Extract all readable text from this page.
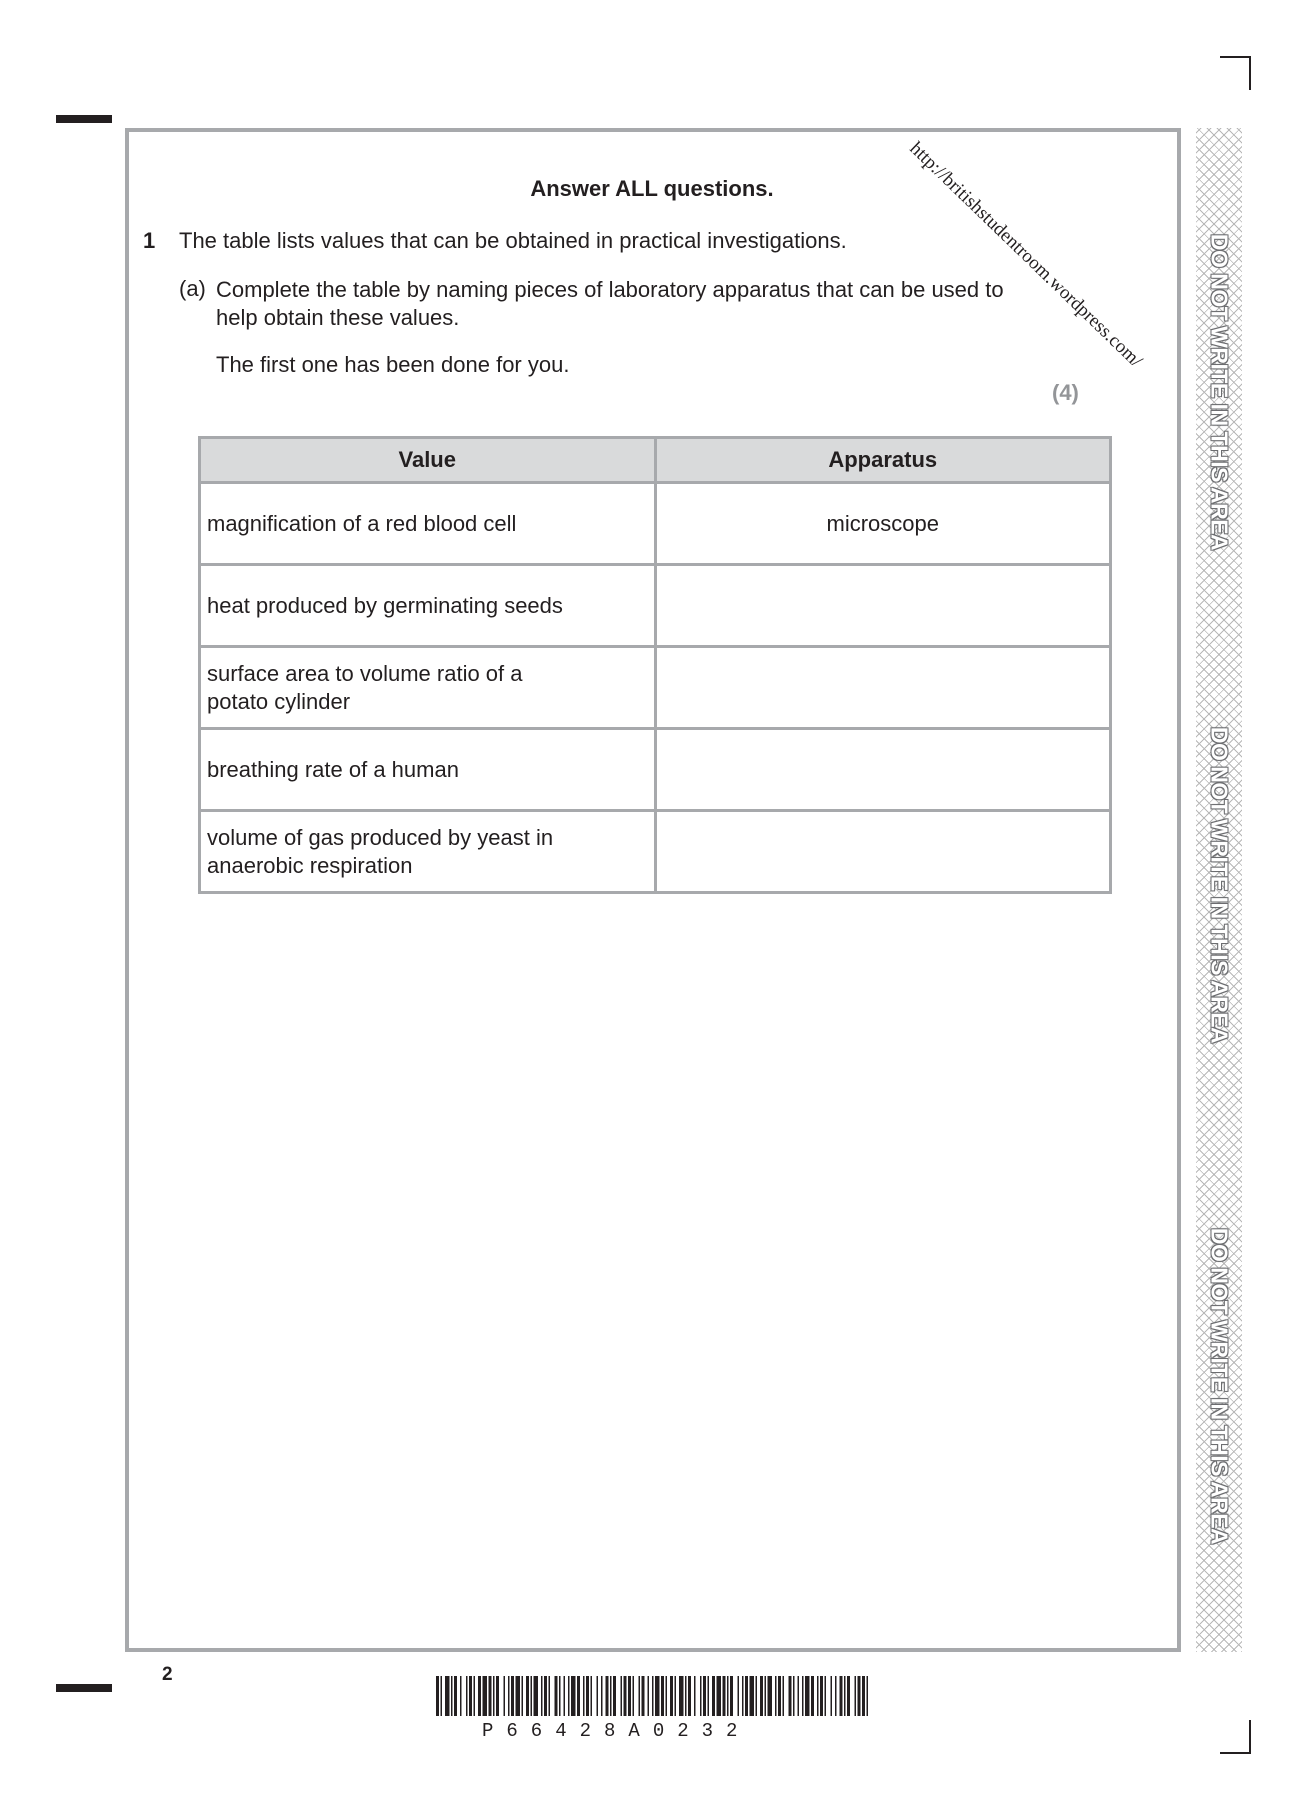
DO NOT WRITE IN THIS AREA
DO NOT WRITE IN THIS AREA
DO NOT WRITE IN THIS AREA
Answer ALL questions.	http://britishstudentroom.wordpress.com/
1 The table lists values that can be obtained in practical investigations.
(a) Complete the table by naming pieces of laboratory apparatus that can be used to help obtain these values.
The first one has been done for you.
(4)
Value	Apparatus
magnification of a red blood cell	microscope
heat produced by germinating seeds	
surface area to volume ratio of a potato cylinder	
breathing rate of a human	
volume of gas produced by yeast in anaerobic respiration	
2
P66428A0232
